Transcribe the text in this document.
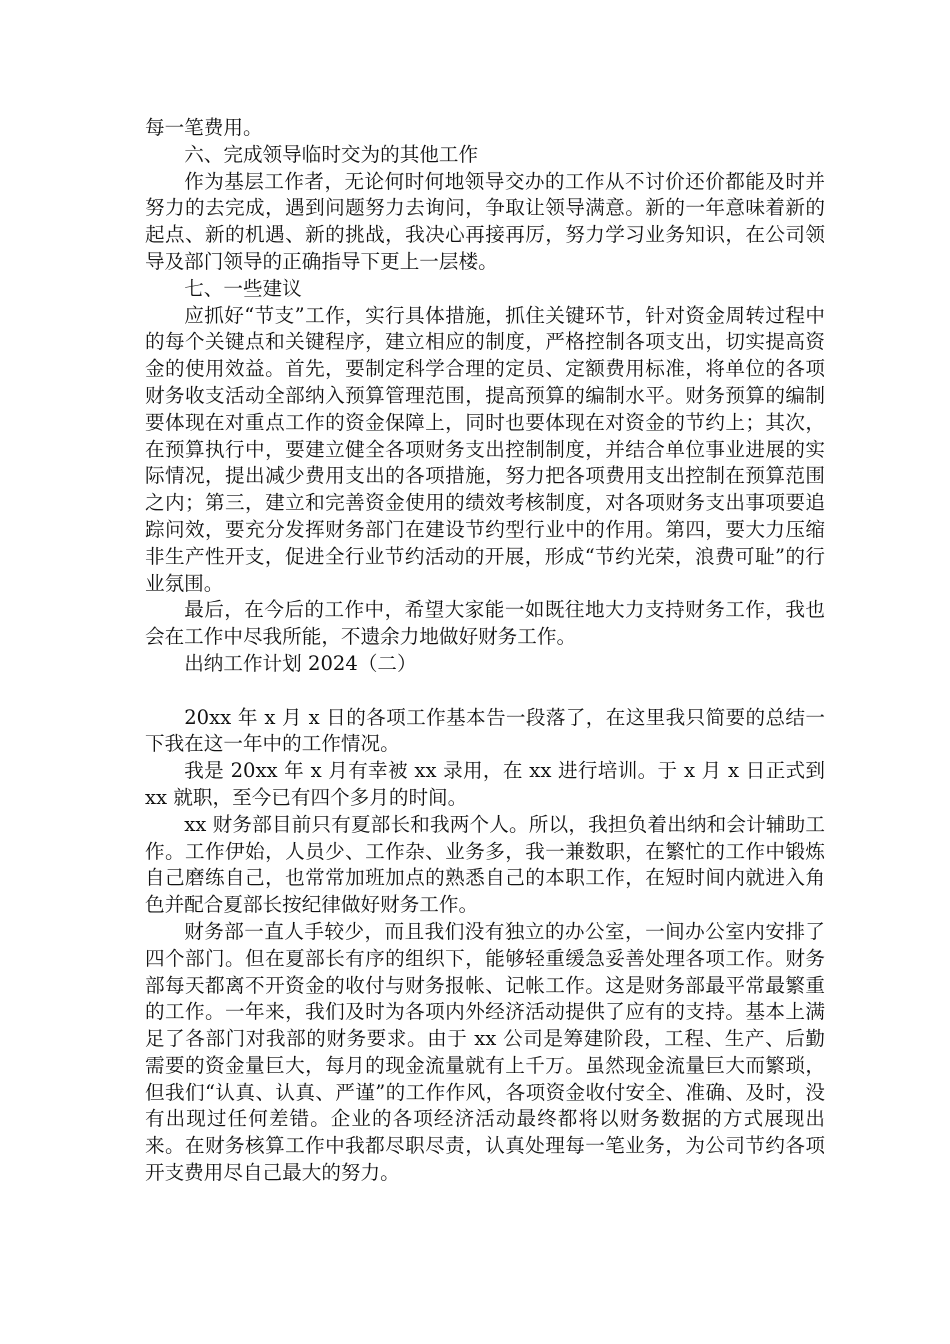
每一笔费用。

六、完成领导临时交为的其他工作

作为基层工作者，无论何时何地领导交办的工作从不讨价还价都能及时并努力的去完成，遇到问题努力去询问，争取让领导满意。新的一年意味着新的起点、新的机遇、新的挑战，我决心再接再厉，努力学习业务知识，在公司领导及部门领导的正确指导下更上一层楼。

七、一些建议

应抓好“节支”工作，实行具体措施，抓住关键环节，针对资金周转过程中的每个关键点和关键程序，建立相应的制度，严格控制各项支出，切实提高资金的使用效益。首先，要制定科学合理的定员、定额费用标准，将单位的各项财务收支活动全部纳入预算管理范围，提高预算的编制水平。财务预算的编制要体现在对重点工作的资金保障上，同时也要体现在对资金的节约上；其次，在预算执行中，要建立健全各项财务支出控制制度，并结合单位事业进展的实际情况，提出减少费用支出的各项措施，努力把各项费用支出控制在预算范围之内；第三，建立和完善资金使用的绩效考核制度，对各项财务支出事项要追踪问效，要充分发挥财务部门在建设节约型行业中的作用。第四，要大力压缩非生产性开支，促进全行业节约活动的开展，形成“节约光荣，浪费可耻”的行业氛围。

最后，在今后的工作中，希望大家能一如既往地大力支持财务工作，我也会在工作中尽我所能，不遗余力地做好财务工作。

出纳工作计划 2024（二）

20xx 年 x 月 x 日的各项工作基本告一段落了，在这里我只简要的总结一下我在这一年中的工作情况。

我是 20xx 年 x 月有幸被 xx 录用，在 xx 进行培训。于 x 月 x 日正式到 xx 就职，至今已有四个多月的时间。

xx 财务部目前只有夏部长和我两个人。所以，我担负着出纳和会计辅助工作。工作伊始，人员少、工作杂、业务多，我一兼数职，在繁忙的工作中锻炼自己磨练自己，也常常加班加点的熟悉自己的本职工作，在短时间内就进入角色并配合夏部长按纪律做好财务工作。

财务部一直人手较少，而且我们没有独立的办公室，一间办公室内安排了四个部门。但在夏部长有序的组织下，能够轻重缓急妥善处理各项工作。财务部每天都离不开资金的收付与财务报帐、记帐工作。这是财务部最平常最繁重的工作。一年来，我们及时为各项内外经济活动提供了应有的支持。基本上满足了各部门对我部的财务要求。由于 xx 公司是筹建阶段，工程、生产、后勤需要的资金量巨大，每月的现金流量就有上千万。虽然现金流量巨大而繁琐，但我们“认真、认真、严谨”的工作作风，各项资金收付安全、准确、及时，没有出现过任何差错。企业的各项经济活动最终都将以财务数据的方式展现出来。在财务核算工作中我都尽职尽责，认真处理每一笔业务，为公司节约各项开支费用尽自己最大的努力。
